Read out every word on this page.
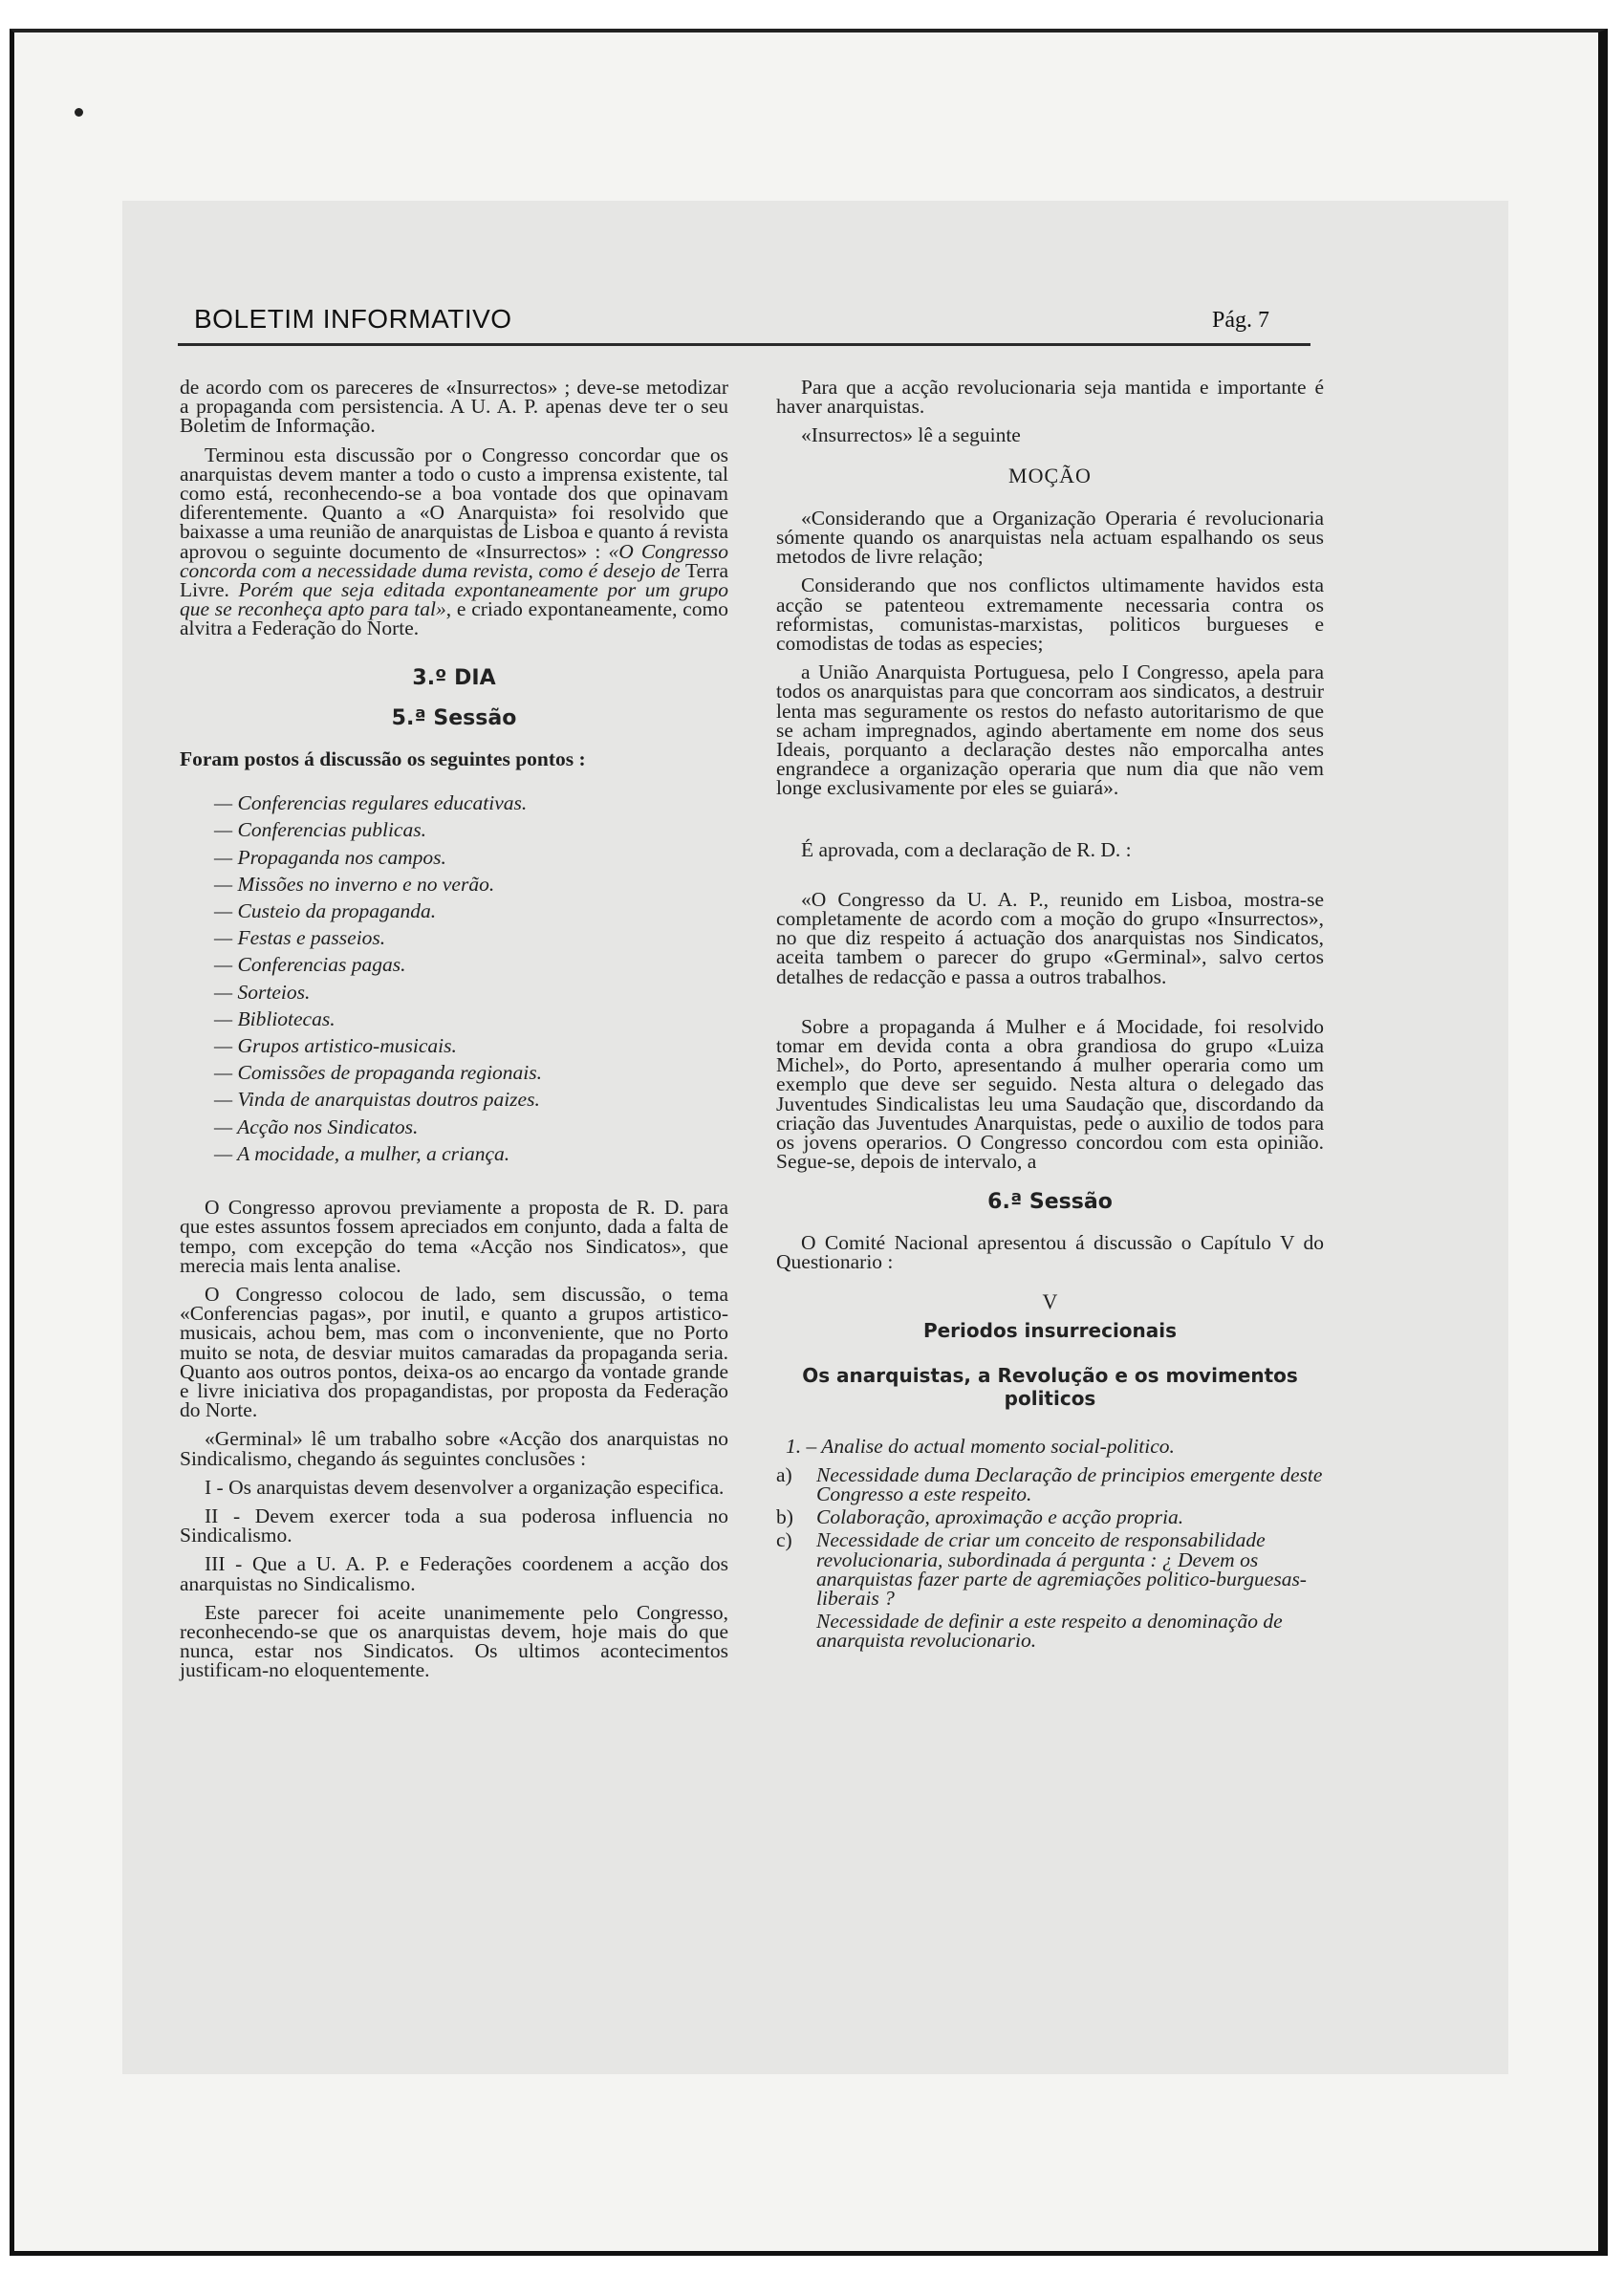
BOLETIM INFORMATIVO	Pág. 7

de acordo com os pareceres de «Insurrectos» ; deve-se metodizar a propaganda com persistencia. A U. A. P. apenas deve ter o seu Boletim de Informação.

Terminou esta discussão por o Congresso concordar que os anarquistas devem manter a todo o custo a imprensa existente, tal como está, reconhecendo-se a boa vontade dos que opinavam diferentemente. Quanto a «O Anarquista» foi resolvido que baixasse a uma reunião de anarquistas de Lisboa e quanto á revista aprovou o seguinte documento de «Insurrectos» : «O Congresso concorda com a necessidade duma revista, como é desejo de Terra Livre. Porém que seja editada expontaneamente por um grupo que se reconheça apto para tal», e criado expontaneamente, como alvitra a Federação do Norte.

3.º DIA
5.ª Sessão

Foram postos á discussão os seguintes pontos :

— Conferencias regulares educativas.
— Conferencias publicas.
— Propaganda nos campos.
— Missões no inverno e no verão.
— Custeio da propaganda.
— Festas e passeios.
— Conferencias pagas.
— Sorteios.
— Bibliotecas.
— Grupos artistico-musicais.
— Comissões de propaganda regionais.
— Vinda de anarquistas doutros paizes.
— Acção nos Sindicatos.
— A mocidade, a mulher, a criança.

O Congresso aprovou previamente a proposta de R. D. para que estes assuntos fossem apreciados em conjunto, dada a falta de tempo, com excepção do tema «Acção nos Sindicatos», que merecia mais lenta analise.

O Congresso colocou de lado, sem discussão, o tema «Conferencias pagas», por inutil, e quanto a grupos artistico-musicais, achou bem, mas com o inconveniente, que no Porto muito se nota, de desviar muitos camaradas da propaganda seria. Quanto aos outros pontos, deixa-os ao encargo da vontade grande e livre iniciativa dos propagandistas, por proposta da Federação do Norte.

«Germinal» lê um trabalho sobre «Acção dos anarquistas no Sindicalismo, chegando ás seguintes conclusões :

I - Os anarquistas devem desenvolver a organização especifica.

II - Devem exercer toda a sua poderosa influencia no Sindicalismo.

III - Que a U. A. P. e Federações coordenem a acção dos anarquistas no Sindicalismo.

Este parecer foi aceite unanimemente pelo Congresso, reconhecendo-se que os anarquistas devem, hoje mais do que nunca, estar nos Sindicatos. Os ultimos acontecimentos justificam-no eloquentemente.

Para que a acção revolucionaria seja mantida e importante é haver anarquistas.

«Insurrectos» lê a seguinte

MOÇÃO

«Considerando que a Organização Operaria é revolucionaria sómente quando os anarquistas nela actuam espalhando os seus metodos de livre relação;

Considerando que nos conflictos ultimamente havidos esta acção se patenteou extremamente necessaria contra os reformistas, comunistas-marxistas, politicos burgueses e comodistas de todas as especies;

a União Anarquista Portuguesa, pelo I Congresso, apela para todos os anarquistas para que concorram aos sindicatos, a destruir lenta mas seguramente os restos do nefasto autoritarismo de que se acham impregnados, agindo abertamente em nome dos seus Ideais, porquanto a declaração destes não emporcalha antes engrandece a organização operaria que num dia que não vem longe exclusivamente por eles se guiará».

É aprovada, com a declaração de R. D. :

«O Congresso da U. A. P., reunido em Lisboa, mostra-se completamente de acordo com a moção do grupo «Insurrectos», no que diz respeito á actuação dos anarquistas nos Sindicatos, aceita tambem o parecer do grupo «Germinal», salvo certos detalhes de redacção e passa a outros trabalhos.

Sobre a propaganda á Mulher e á Mocidade, foi resolvido tomar em devida conta a obra grandiosa do grupo «Luiza Michel», do Porto, apresentando á mulher operaria como um exemplo que deve ser seguido. Nesta altura o delegado das Juventudes Sindicalistas leu uma Saudação que, discordando da criação das Juventudes Anarquistas, pede o auxilio de todos para os jovens operarios. O Congresso concordou com esta opinião. Segue-se, depois de intervalo, a

6.ª Sessão

O Comité Nacional apresentou á discussão o Capítulo V do Questionario :

V
Periodos insurrecionais
Os anarquistas, a Revolução e os movimentos politicos

1. – Analise do actual momento social-politico.

a)	Necessidade duma Declaração de principios emergente deste Congresso a este respeito.
b)	Colaboração, aproximação e acção propria.
c)	Necessidade de criar um conceito de responsabilidade revolucionaria, subordinada á pergunta : ¿ Devem os anarquistas fazer parte de agremiações politico-burguesas-liberais ?
Necessidade de definir a este respeito a denominação de anarquista revolucionario.
